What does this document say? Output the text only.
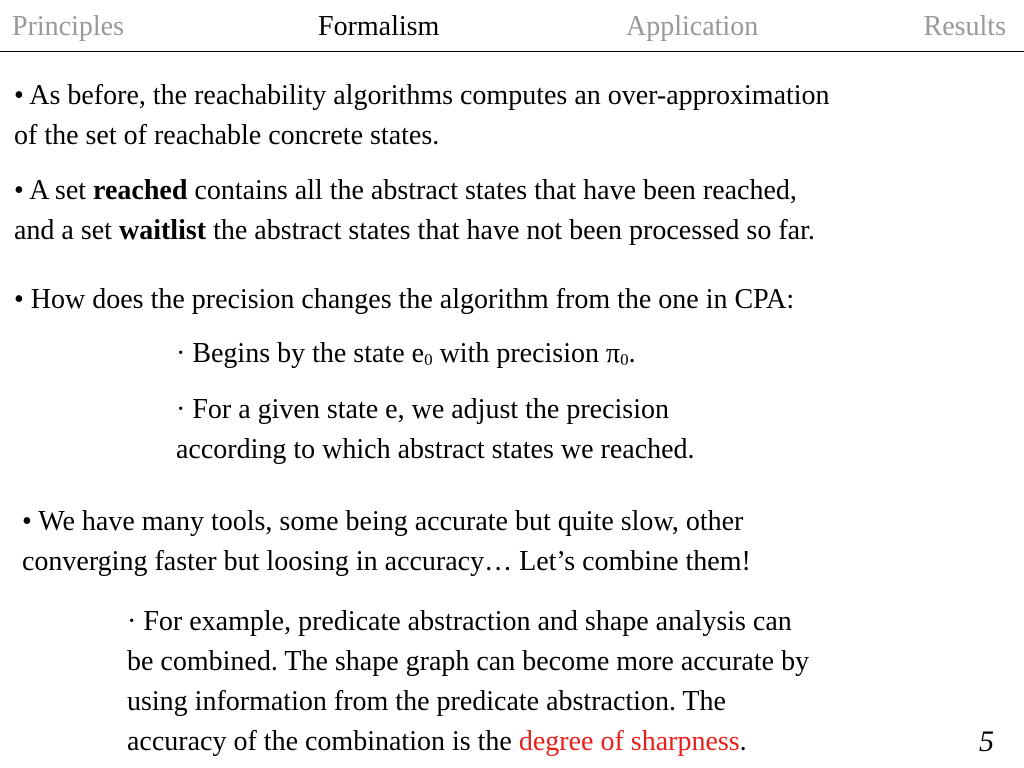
Principles	Formalism	Application	Results
• As before, the reachability algorithms computes an over-approximation
of the set of reachable concrete states.
• A set reached contains all the abstract states that have been reached,
and a set waitlist the abstract states that have not been processed so far.
• How does the precision changes the algorithm from the one in CPA:
· Begins by the state e0 with precision π0.
· For a given state e, we adjust the precision
according to which abstract states we reached.
• We have many tools, some being accurate but quite slow, other
converging faster but loosing in accuracy… Let’s combine them!
· For example, predicate abstraction and shape analysis can
be combined. The shape graph can become more accurate by
using information from the predicate abstraction. The
accuracy of the combination is the degree of sharpness.	5
